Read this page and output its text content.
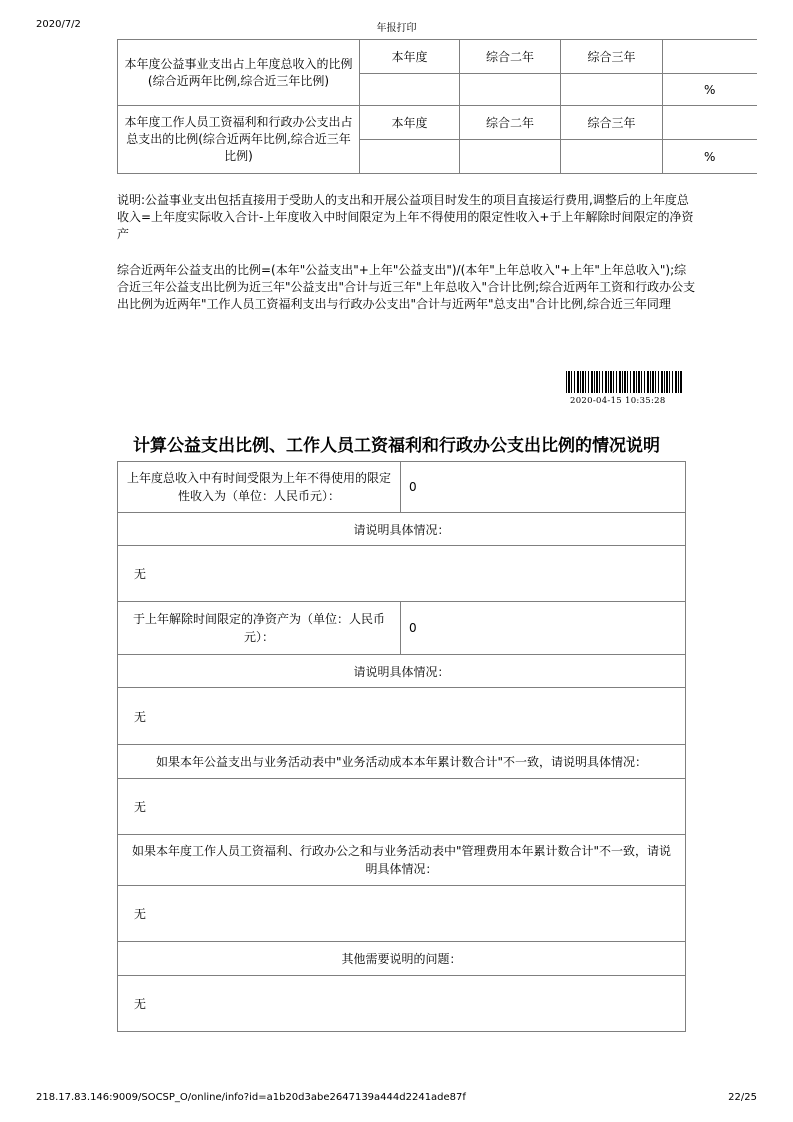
2020/7/2	年报打印
本年度公益事业支出占上年度总收入的比例(综合近两年比例,综合近三年比例)	本年度	综合二年	综合三年	
				%
本年度工作人员工资福利和行政办公支出占总支出的比例(综合近两年比例,综合近三年比例)	本年度	综合二年	综合三年	
				%
说明:公益事业支出包括直接用于受助人的支出和开展公益项目时发生的项目直接运行费用,调整后的上年度总收入=上年度实际收入合计-上年度收入中时间限定为上年不得使用的限定性收入+于上年解除时间限定的净资产
综合近两年公益支出的比例=(本年"公益支出"+上年"公益支出")/(本年"上年总收入"+上年"上年总收入");综合近三年公益支出比例为近三年"公益支出"合计与近三年"上年总收入"合计比例;综合近两年工资和行政办公支出比例为近两年"工作人员工资福利支出与行政办公支出"合计与近两年"总支出"合计比例,综合近三年同理
2020-04-15 10:35:28
计算公益支出比例、工作人员工资福利和行政办公支出比例的情况说明
上年度总收入中有时间受限为上年不得使用的限定性收入为（单位：人民币元）：	0
请说明具体情况：	
无	
于上年解除时间限定的净资产为（单位：人民币元）：	0
请说明具体情况：	
无	
如果本年公益支出与业务活动表中"业务活动成本本年累计数合计"不一致，请说明具体情况：	
无	
如果本年度工作人员工资福利、行政办公之和与业务活动表中"管理费用本年累计数合计"不一致，请说明具体情况：	
无	
其他需要说明的问题：	
无	
218.17.83.146:9009/SOCSP_O/online/info?id=a1b20d3abe2647139a444d2241ade87f	22/25
